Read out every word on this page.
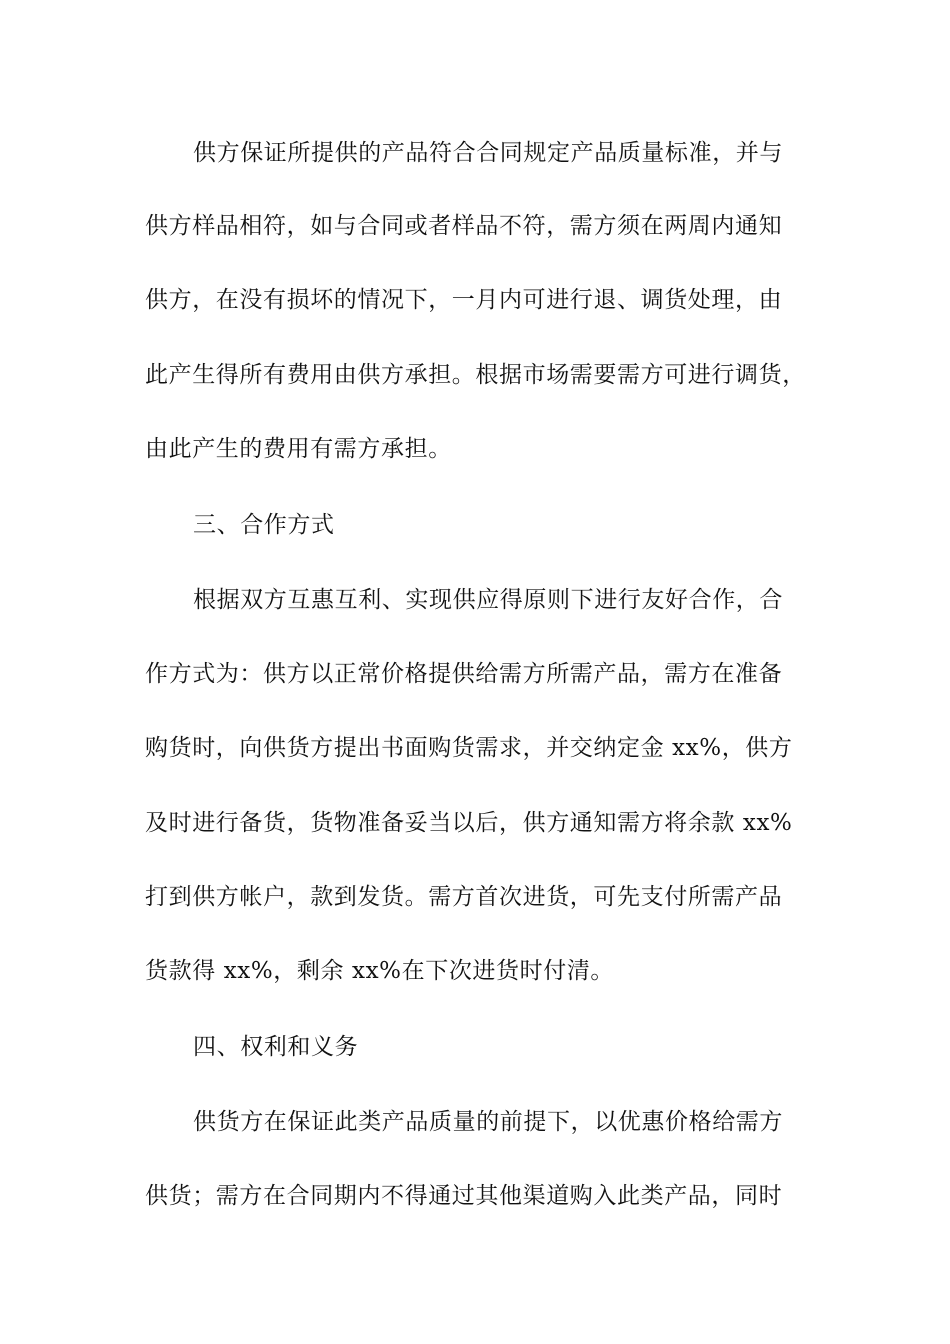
供方保证所提供的产品符合合同规定产品质量标准，并与
供方样品相符，如与合同或者样品不符，需方须在两周内通知
供方，在没有损坏的情况下，一月内可进行退、调货处理，由
此产生得所有费用由供方承担。根据市场需要需方可进行调货，
由此产生的费用有需方承担。
三、合作方式
根据双方互惠互利、实现供应得原则下进行友好合作，合
作方式为：供方以正常价格提供给需方所需产品，需方在准备
购货时，向供货方提出书面购货需求，并交纳定金 xx%，供方
及时进行备货，货物准备妥当以后，供方通知需方将余款 xx%
打到供方帐户，款到发货。需方首次进货，可先支付所需产品
货款得 xx%，剩余 xx%在下次进货时付清。
四、权利和义务
供货方在保证此类产品质量的前提下，以优惠价格给需方
供货；需方在合同期内不得通过其他渠道购入此类产品，同时
